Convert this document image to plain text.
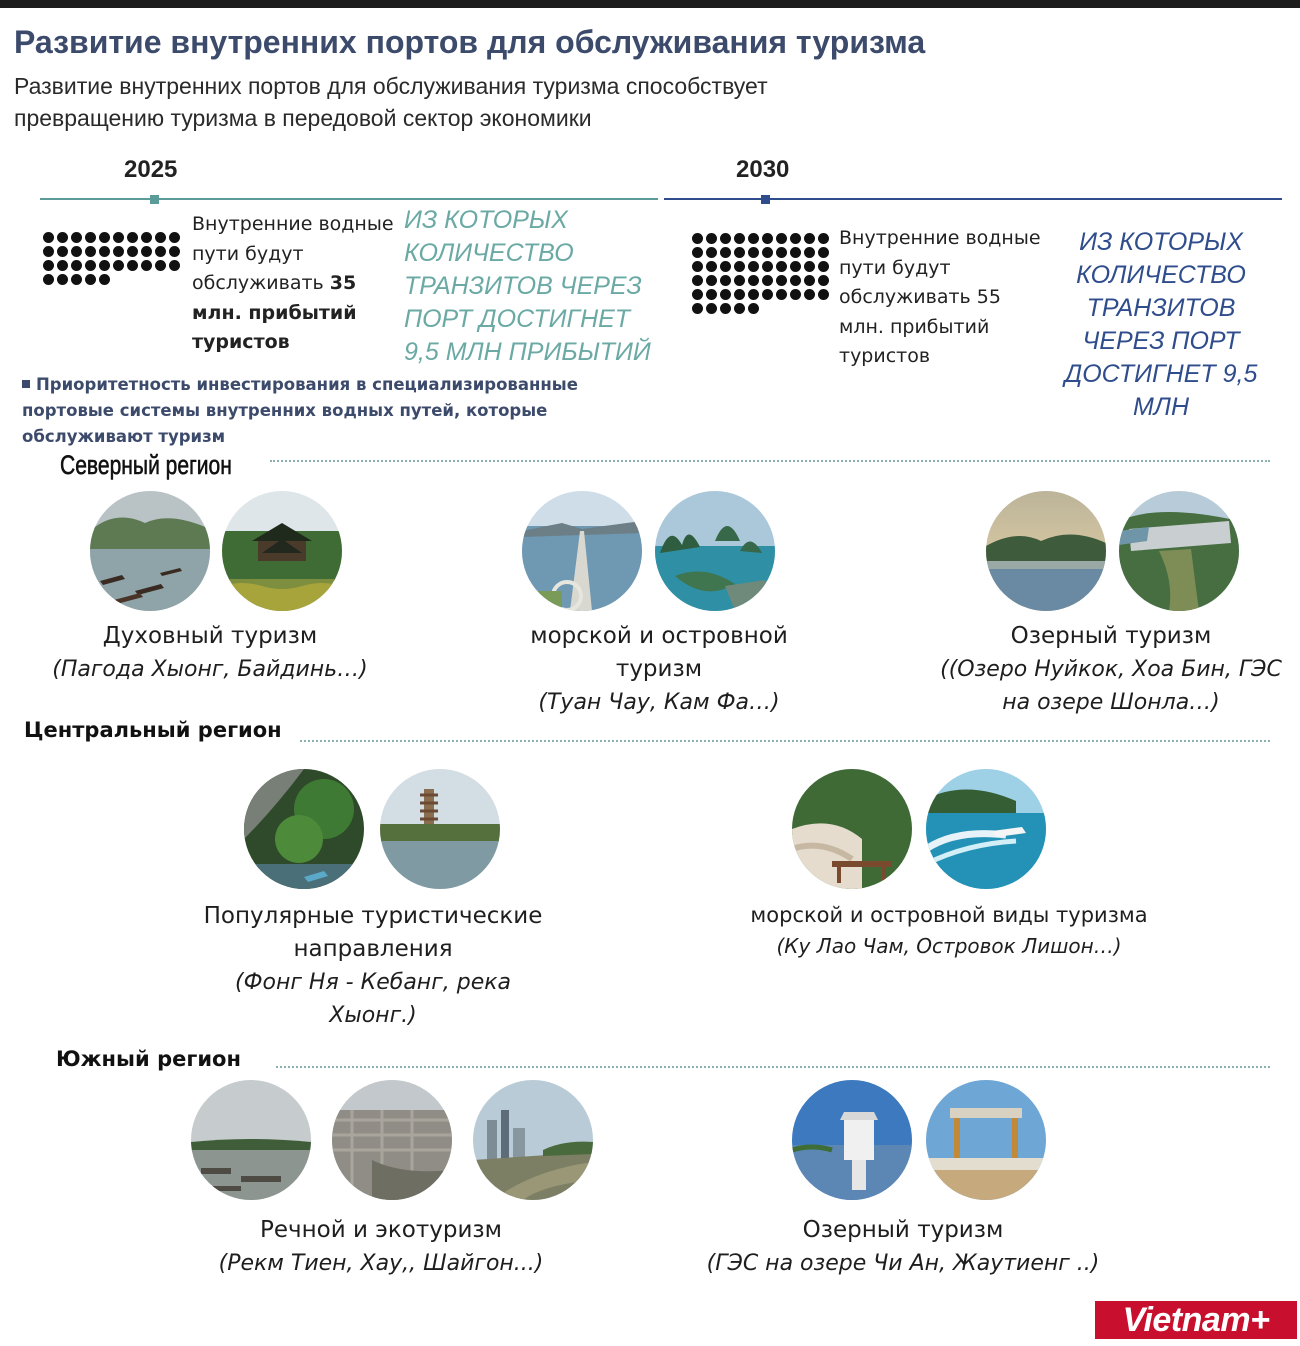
Развитие внутренних портов для обслуживания туризма
Развитие внутренних портов для обслуживания туризма способствует превращению туризма в передовой сектор экономики
2025	2030
Внутренние водные пути будут обслуживать 35 млн. прибытий туристов
ИЗ КОТОРЫХ КОЛИЧЕСТВО ТРАНЗИТОВ ЧЕРЕЗ ПОРТ ДОСТИГНЕТ 9,5 МЛН ПРИБЫТИЙ
Внутренние водные пути будут обслуживать 55 млн. прибытий туристов
ИЗ КОТОРЫХ КОЛИЧЕСТВО ТРАНЗИТОВ ЧЕРЕЗ ПОРТ ДОСТИГНЕТ 9,5 МЛН
Приоритетность инвестирования в специализированные портовые системы внутренних водных путей, которые обслуживают туризм
Северный регион
Духовный туризм
(Пагода Хыонг, Байдинь…)
морской и островной туризм
(Туан Чау, Кам Фа…)
Озерный туризм
((Озеро Нуйкок, Хоа Бин, ГЭС на озере Шонла…)
Центральный регион
Популярные туристические направления
(Фонг Ня - Кебанг, река Хыонг.)
морской и островной виды туризма
(Ку Лао Чам, Островок Лишон…)
Южный регион
Речной и экотуризм
(Рекм Тиен, Хау,, Шайгон...)
Озерный туризм
(ГЭС на озере Чи Ан, Жаутиенг ..)
Vietnam+
